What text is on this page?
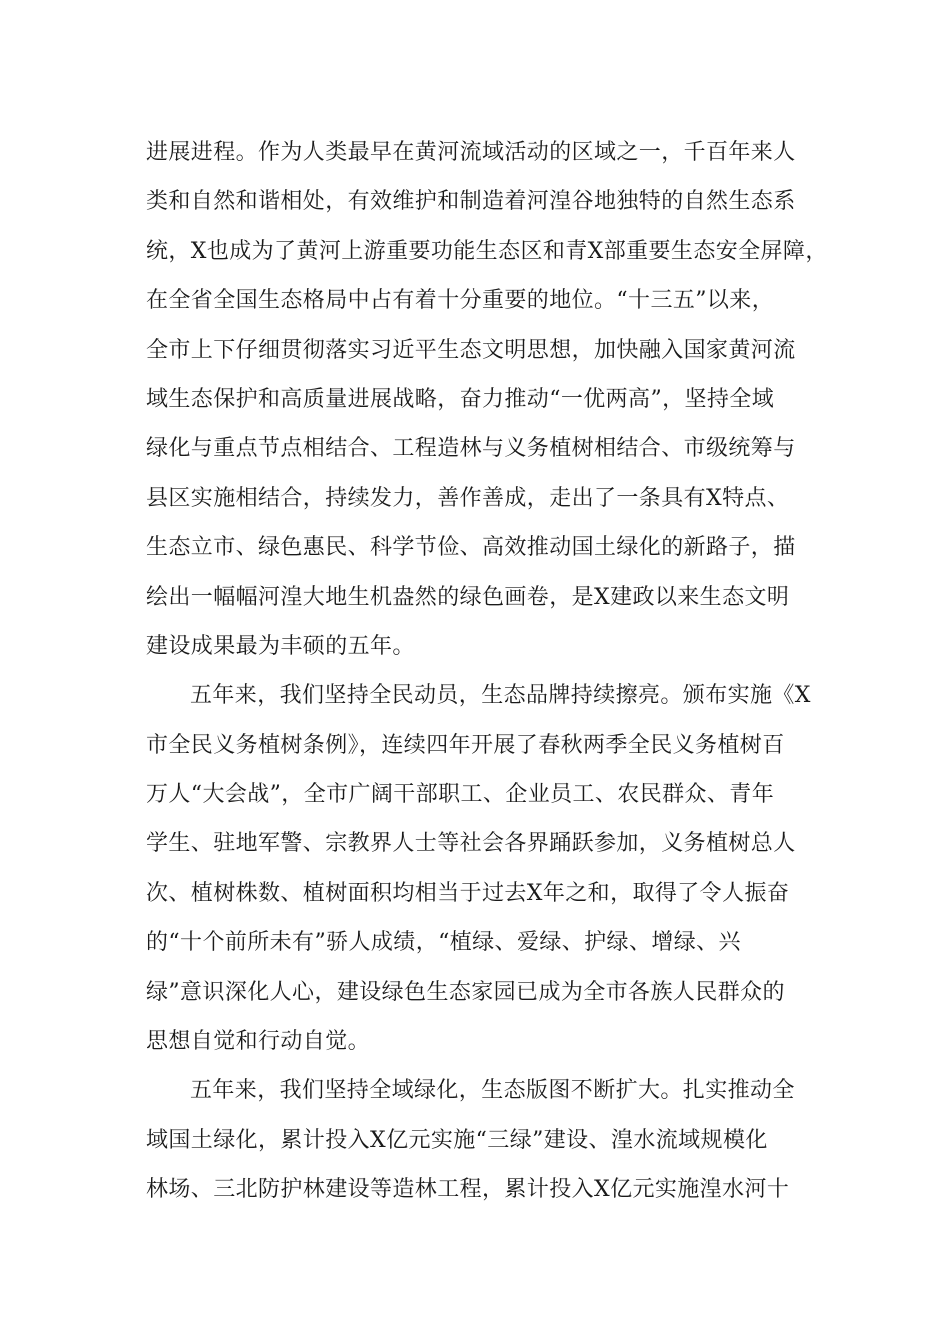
进展进程。作为人类最早在黄河流域活动的区域之一，千百年来人
类和自然和谐相处，有效维护和制造着河湟谷地独特的自然生态系
统，X也成为了黄河上游重要功能生态区和青X部重要生态安全屏障，
在全省全国生态格局中占有着十分重要的地位。“十三五”以来，
全市上下仔细贯彻落实习近平生态文明思想，加快融入国家黄河流
域生态保护和高质量进展战略，奋力推动“一优两高”，坚持全域
绿化与重点节点相结合、工程造林与义务植树相结合、市级统筹与
县区实施相结合，持续发力，善作善成，走出了一条具有X特点、
生态立市、绿色惠民、科学节俭、高效推动国土绿化的新路子，描
绘出一幅幅河湟大地生机盎然的绿色画卷，是X建政以来生态文明
建设成果最为丰硕的五年。
五年来，我们坚持全民动员，生态品牌持续擦亮。颁布实施《X
市全民义务植树条例》，连续四年开展了春秋两季全民义务植树百
万人“大会战”，全市广阔干部职工、企业员工、农民群众、青年
学生、驻地军警、宗教界人士等社会各界踊跃参加，义务植树总人
次、植树株数、植树面积均相当于过去X年之和，取得了令人振奋
的“十个前所未有”骄人成绩，“植绿、爱绿、护绿、增绿、兴
绿”意识深化人心，建设绿色生态家园已成为全市各族人民群众的
思想自觉和行动自觉。
五年来，我们坚持全域绿化，生态版图不断扩大。扎实推动全
域国土绿化，累计投入X亿元实施“三绿”建设、湟水流域规模化
林场、三北防护林建设等造林工程，累计投入X亿元实施湟水河十
